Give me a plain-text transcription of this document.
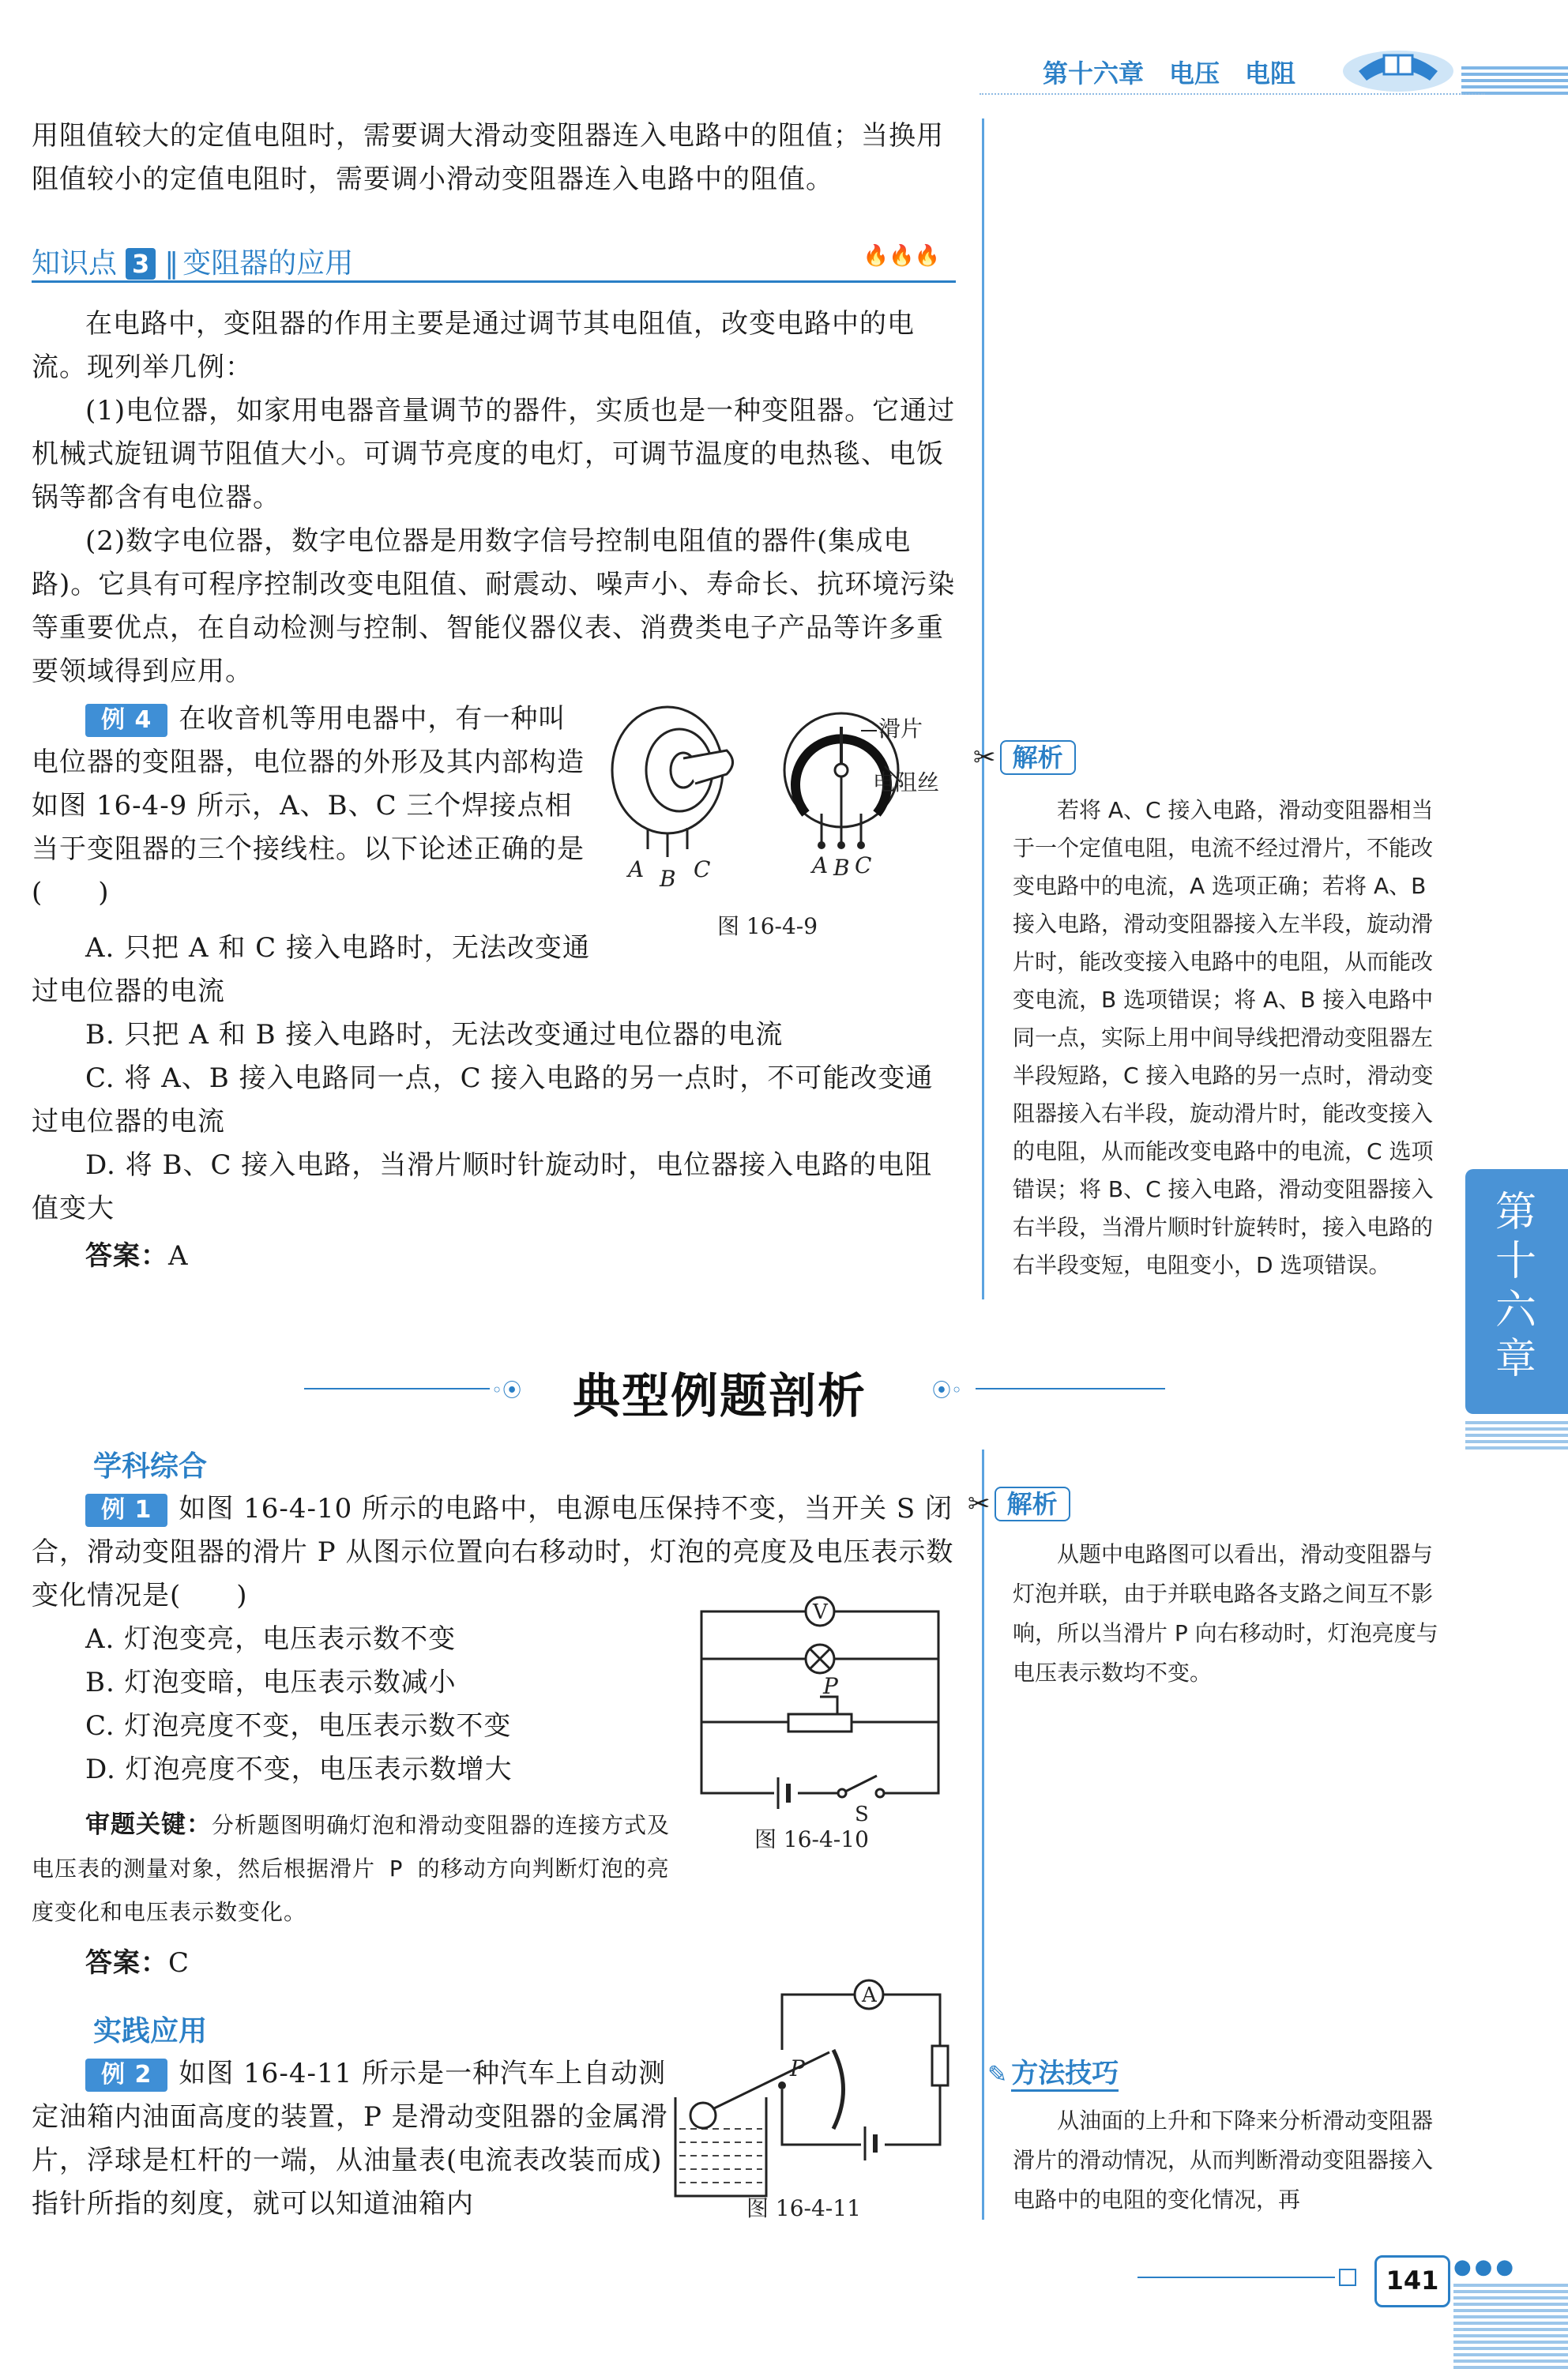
第十六章　电压　电阻
第十六章
用阻值较大的定值电阻时，需要调大滑动变阻器连入电路中的阻值；当换用阻值较小的定值电阻时，需要调小滑动变阻器连入电路中的阻值。
知识点 3 ‖ 变阻器的应用	🔥🔥🔥
在电路中，变阻器的作用主要是通过调节其电阻值，改变电路中的电流。现列举几例：
(1)电位器，如家用电器音量调节的器件，实质也是一种变阻器。它通过机械式旋钮调节阻值大小。可调节亮度的电灯，可调节温度的电热毯、电饭锅等都含有电位器。
(2)数字电位器，数字电位器是用数字信号控制电阻值的器件(集成电路)。它具有可程序控制改变电阻值、耐震动、噪声小、寿命长、抗环境污染等重要优点，在自动检测与控制、智能仪器仪表、消费类电子产品等许多重要领域得到应用。
例 4 在收音机等用电器中，有一种叫电位器的变阻器，电位器的外形及其内部构造如图 16-4-9 所示，A、B、C 三个焊接点相当于变阻器的三个接线柱。以下论述正确的是(　　)
滑片
电阻丝
A B C	A B C
图 16-4-9
A. 只把 A 和 C 接入电路时，无法改变通过电位器的电流
B. 只把 A 和 B 接入电路时，无法改变通过电位器的电流
C. 将 A、B 接入电路同一点，C 接入电路的另一点时，不可能改变通过电位器的电流
D. 将 B、C 接入电路，当滑片顺时针旋动时，电位器接入电路的电阻值变大
答案：A
✂ 解析
若将 A、C 接入电路，滑动变阻器相当于一个定值电阻，电流不经过滑片，不能改变电路中的电流，A 选项正确；若将 A、B 接入电路，滑动变阻器接入左半段，旋动滑片时，能改变接入电路中的电阻，从而能改变电流，B 选项错误；将 A、B 接入电路中同一点，实际上用中间导线把滑动变阻器左半段短路，C 接入电路的另一点时，滑动变阻器接入右半段，旋动滑片时，能改变接入的电阻，从而能改变电路中的电流，C 选项错误；将 B、C 接入电路，滑动变阻器接入右半段，当滑片顺时针旋转时，接入电路的右半段变短，电阻变小，D 选项错误。
◦⦿ 典型例题剖析	⦿◦
学科综合
例 1 如图 16-4-10 所示的电路中，电源电压保持不变，当开关 S 闭合，滑动变阻器的滑片 P 从图示位置向右移动时，灯泡的亮度及电压表示数变化情况是(　　)
V
P
S
图 16-4-10
A. 灯泡变亮，电压表示数不变
B. 灯泡变暗，电压表示数减小
C. 灯泡亮度不变，电压表示数不变
D. 灯泡亮度不变，电压表示数增大
审题关键：分析题图明确灯泡和滑动变阻器的连接方式及电压表的测量对象，然后根据滑片 P 的移动方向判断灯泡的亮度变化和电压表示数变化。
答案：C
✂ 解析
从题中电路图可以看出，滑动变阻器与灯泡并联，由于并联电路各支路之间互不影响，所以当滑片 P 向右移动时，灯泡亮度与电压表示数均不变。
实践应用
例 2 如图 16-4-11 所示是一种汽车上自动测定油箱内油面高度的装置，P 是滑动变阻器的金属滑片，浮球是杠杆的一端，从油量表(电流表改装而成)指针所指的刻度，就可以知道油箱内
A
P
图 16-4-11
✎ 方法技巧
从油面的上升和下降来分析滑动变阻器滑片的滑动情况，从而判断滑动变阻器接入电路中的电阻的变化情况，再
141 ●●●
